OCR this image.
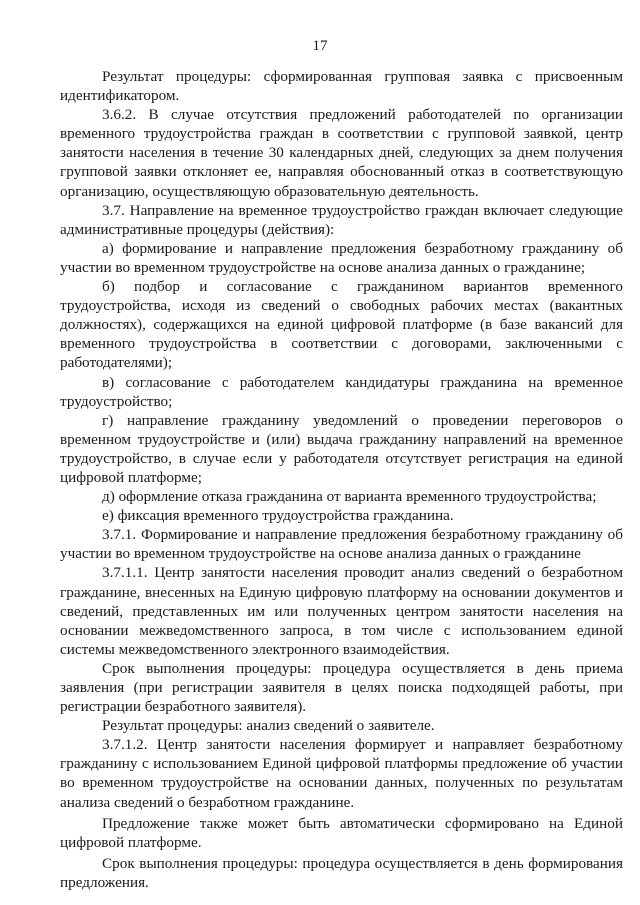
17

Результат процедуры: сформированная групповая заявка с присвоенным идентификатором.

3.6.2. В случае отсутствия предложений работодателей по организации временного трудоустройства граждан в соответствии с групповой заявкой, центр занятости населения в течение 30 календарных дней, следующих за днем получения групповой заявки отклоняет ее, направляя обоснованный отказ в соответствующую организацию, осуществляющую образовательную деятельность.

3.7. Направление на временное трудоустройство граждан включает следующие административные процедуры (действия):

а) формирование и направление предложения безработному гражданину об участии во временном трудоустройстве на основе анализа данных о гражданине;

б) подбор и согласование с гражданином вариантов временного трудоустройства, исходя из сведений о свободных рабочих местах (вакантных должностях), содержащихся на единой цифровой платформе (в базе вакансий для временного трудоустройства в соответствии с договорами, заключенными с работодателями);

в) согласование с работодателем кандидатуры гражданина на временное трудоустройство;

г) направление гражданину уведомлений о проведении переговоров о временном трудоустройстве и (или) выдача гражданину направлений на временное трудоустройство, в случае если у работодателя отсутствует регистрация на единой цифровой платформе;

д) оформление отказа гражданина от варианта временного трудоустройства;

е) фиксация временного трудоустройства гражданина.

3.7.1. Формирование и направление предложения безработному гражданину об участии во временном трудоустройстве на основе анализа данных о гражданине

3.7.1.1. Центр занятости населения проводит анализ сведений о безработном гражданине, внесенных на Единую цифровую платформу на основании документов и сведений, представленных им или полученных центром занятости населения на основании межведомственного запроса, в том числе с использованием единой системы межведомственного электронного взаимодействия.

Срок выполнения процедуры: процедура осуществляется в день приема заявления (при регистрации заявителя в целях поиска подходящей работы, при регистрации безработного заявителя).

Результат процедуры: анализ сведений о заявителе.

3.7.1.2. Центр занятости населения формирует и направляет безработному гражданину с использованием Единой цифровой платформы предложение об участии во временном трудоустройстве на основании данных, полученных по результатам анализа сведений о безработном гражданине.

Предложение также может быть автоматически сформировано на Единой цифровой платформе.

Срок выполнения процедуры: процедура осуществляется в день формирования предложения.
